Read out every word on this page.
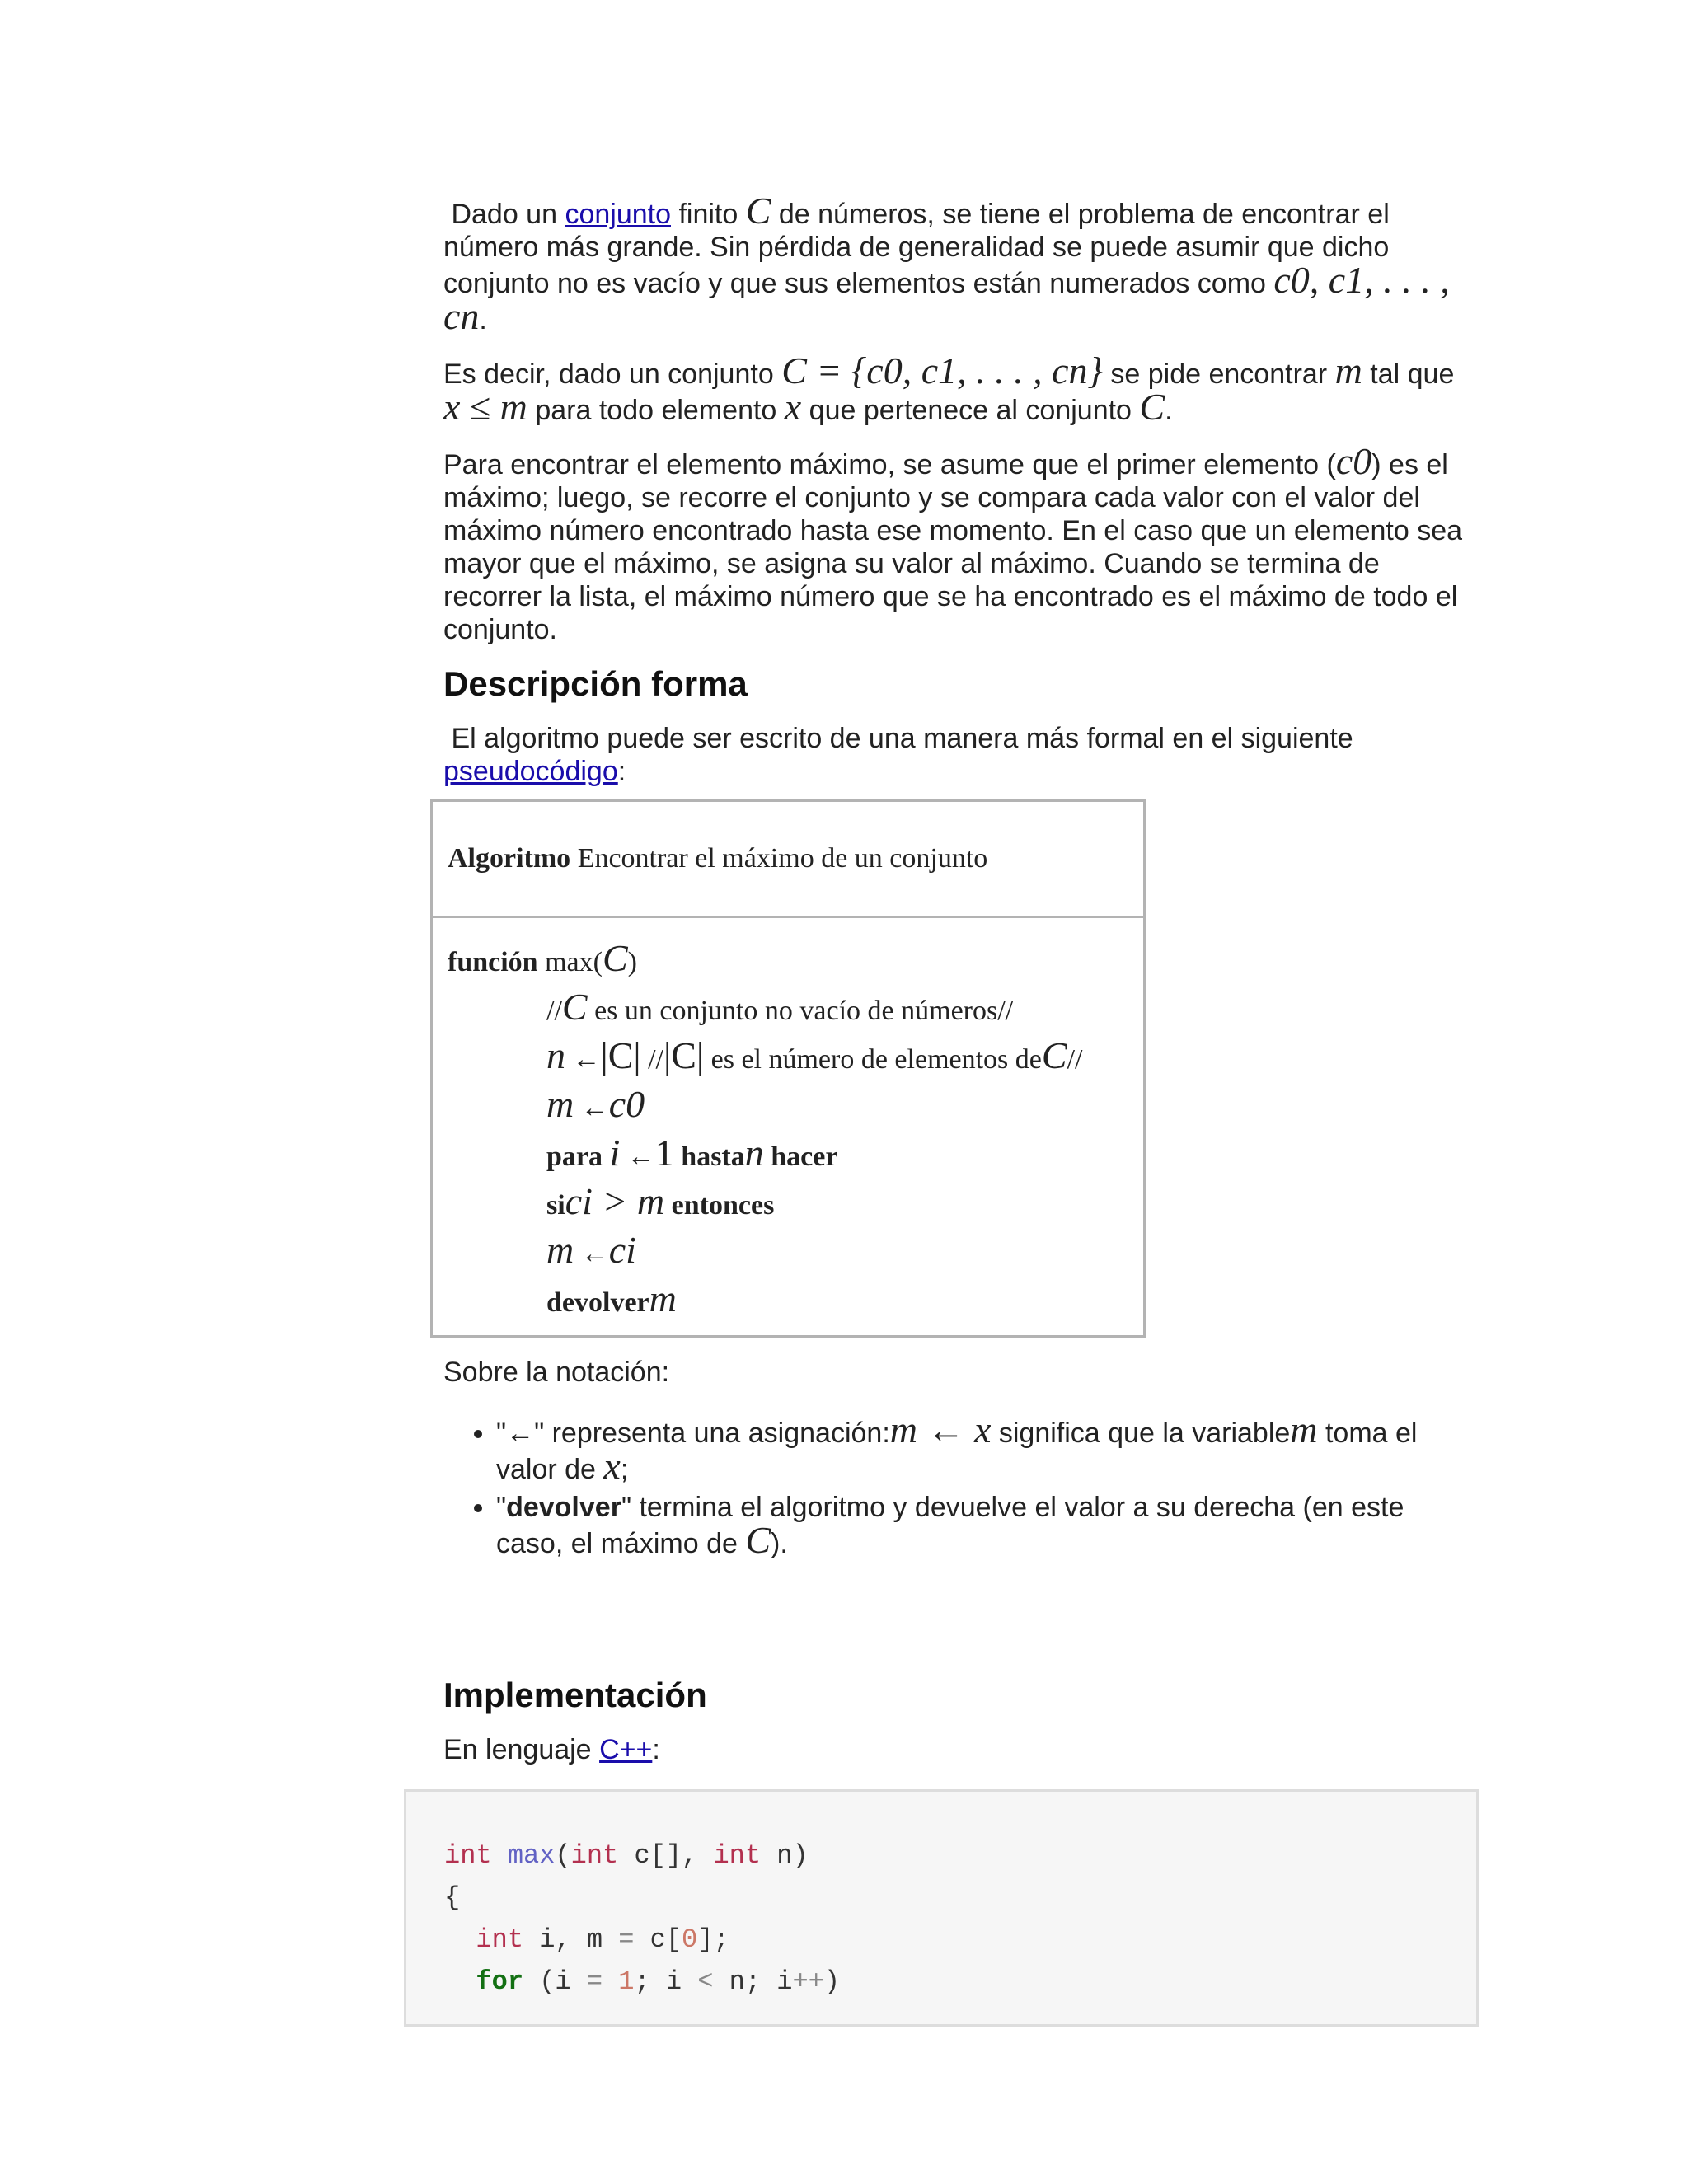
Dado un conjunto finito C de números, se tiene el problema de encontrar el número más grande. Sin pérdida de generalidad se puede asumir que dicho conjunto no es vacío y que sus elementos están numerados como c0, c1, . . . , cn.

Es decir, dado un conjunto C = {c0, c1, . . . , cn} se pide encontrar m tal que x ≤ m para todo elemento x que pertenece al conjunto C.

Para encontrar el elemento máximo, se asume que el primer elemento (c0) es el máximo; luego, se recorre el conjunto y se compara cada valor con el valor del máximo número encontrado hasta ese momento. En el caso que un elemento sea mayor que el máximo, se asigna su valor al máximo. Cuando se termina de recorrer la lista, el máximo número que se ha encontrado es el máximo de todo el conjunto.

Descripción forma

El algoritmo puede ser escrito de una manera más formal en el siguiente pseudocódigo:

Algoritmo
Encontrar el máximo de un conjunto
función max(C)
//C es un conjunto no vacío de números//
n ←|C| //|C| es el número de elementos deC//
m ←c0
para i ←1 hastan hacer
sici > m entonces
m ←ci
devolverm

Sobre la notación:

• "←" representa una asignación:m ← x significa que la variablem toma el valor de x;
• "devolver" termina el algoritmo y devuelve el valor a su derecha (en este caso, el máximo de C).
Implementación

En lenguaje C++:

int max(int c[], int n)
{
int i, m = c[0];
for (i = 1; i < n; i++)
